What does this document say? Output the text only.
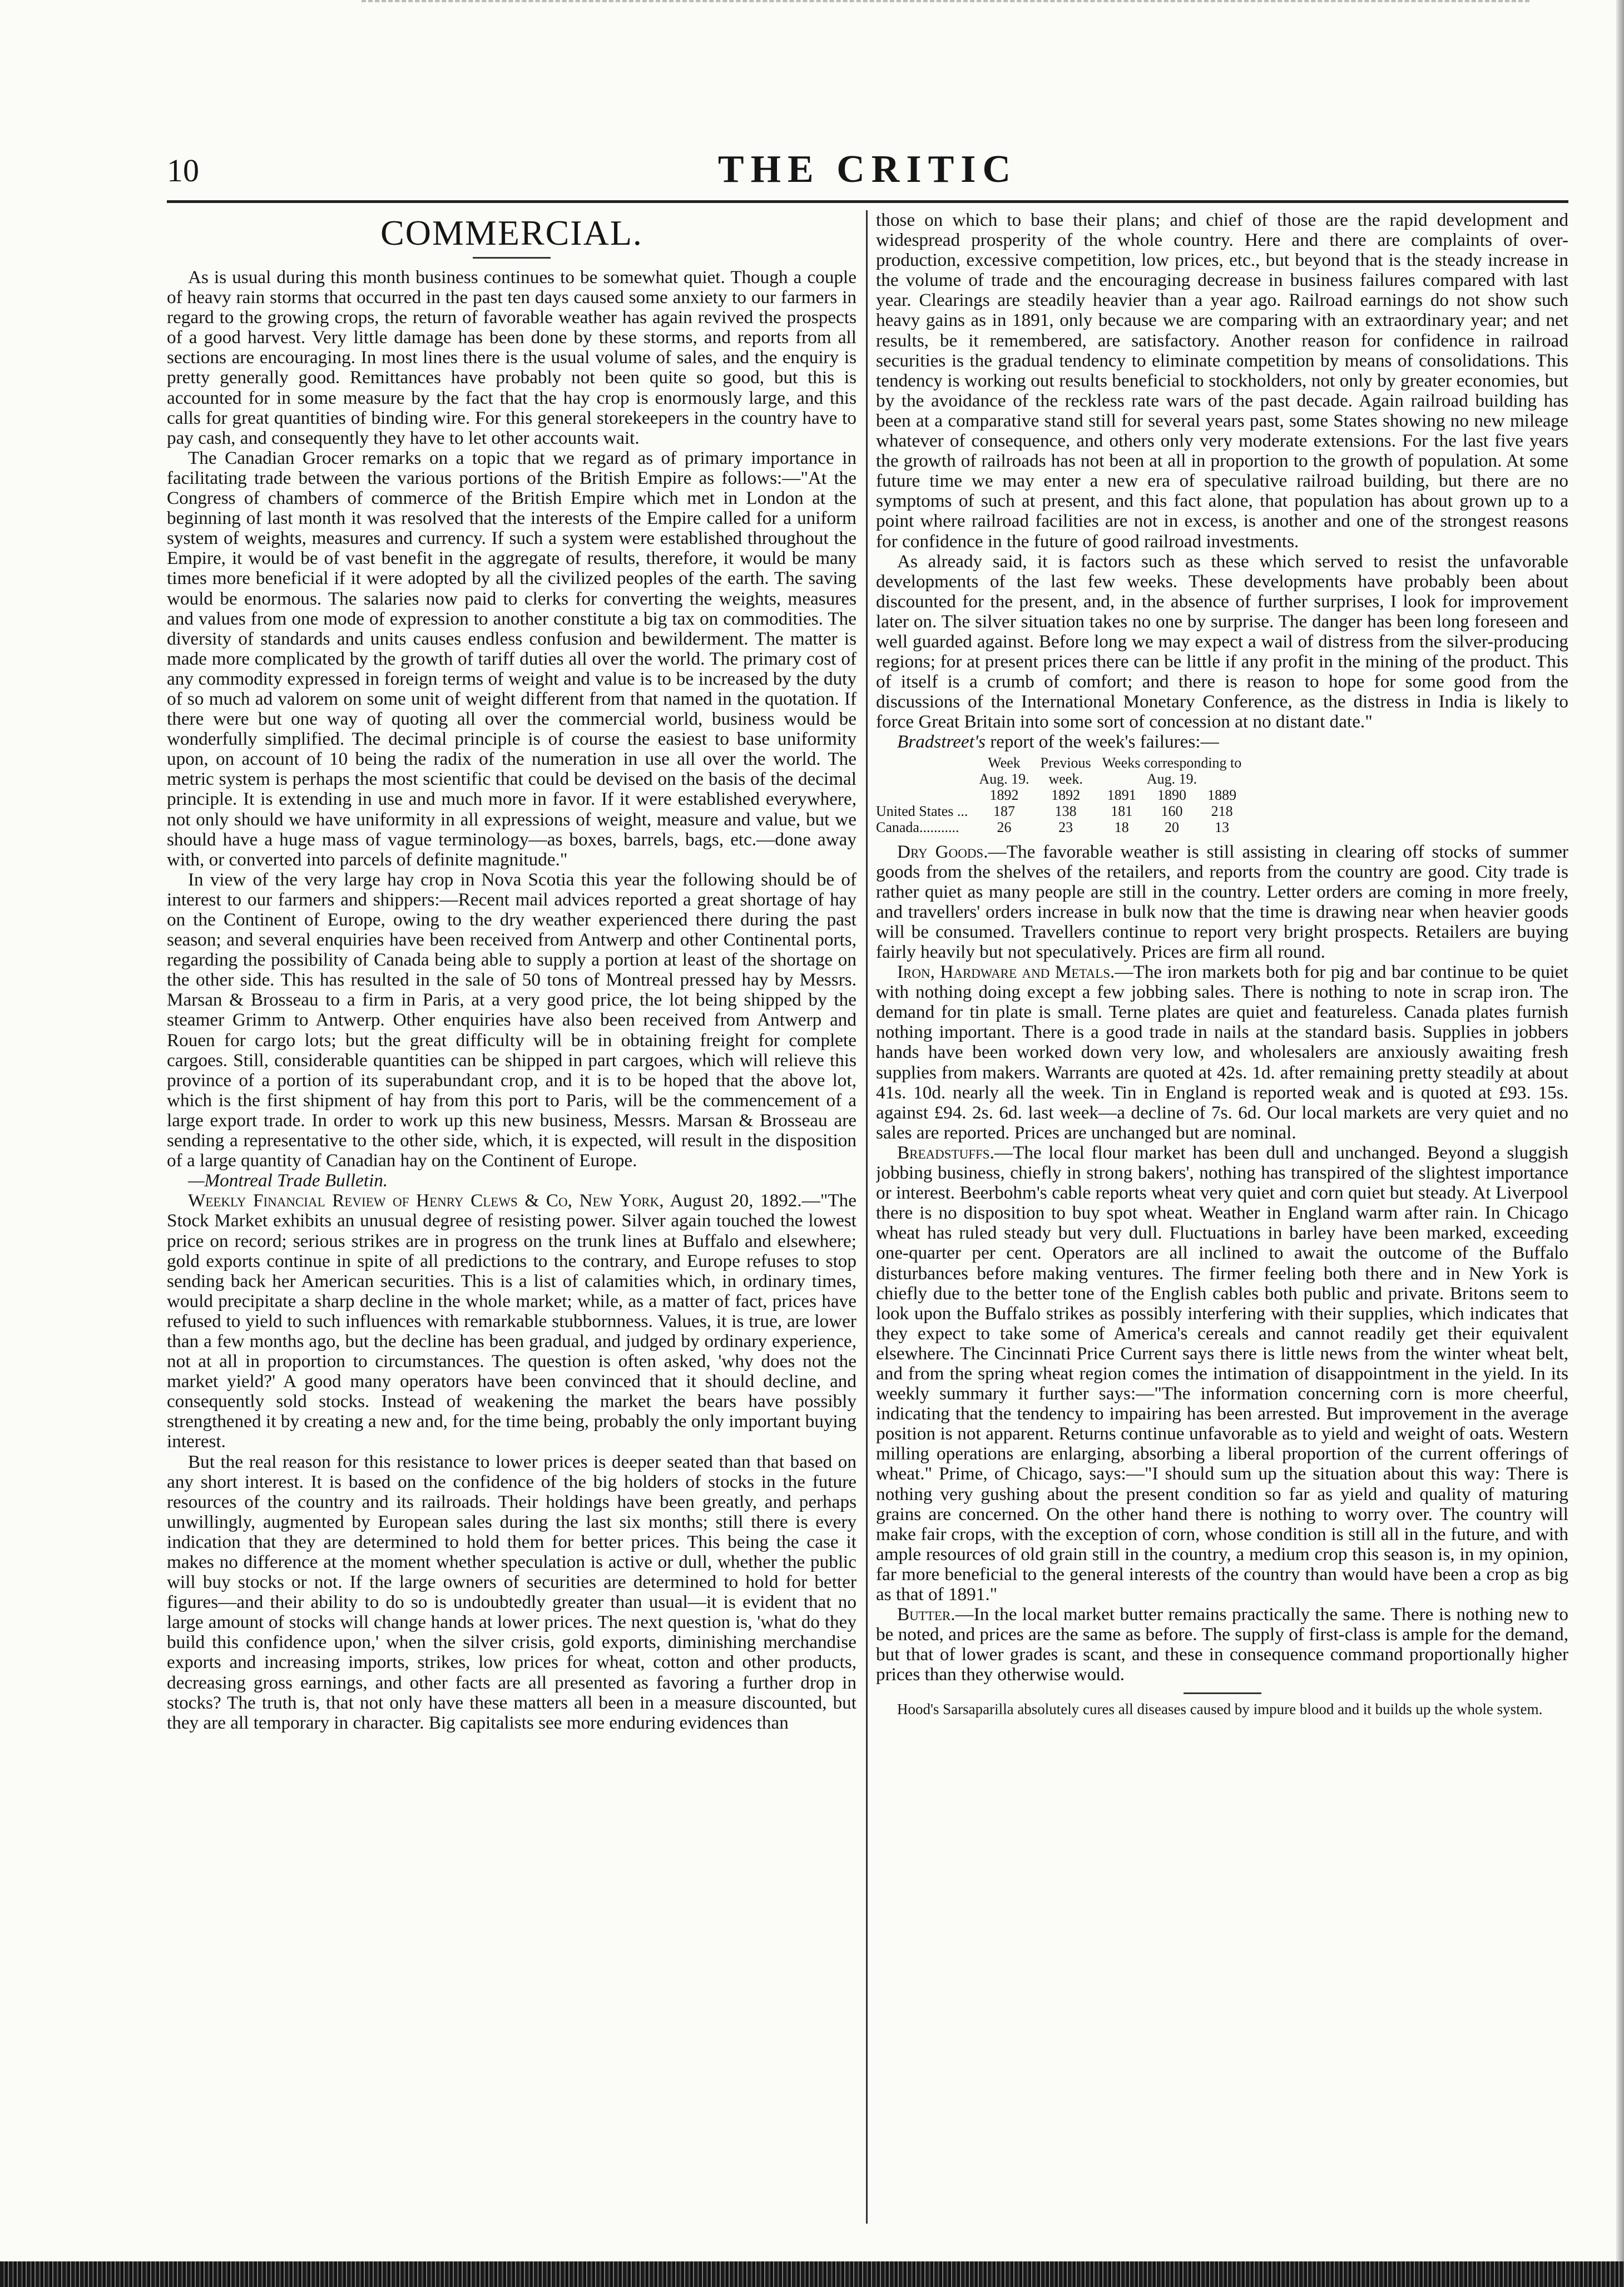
10	THE CRITIC
COMMERCIAL.

As is usual during this month business continues to be somewhat quiet. Though a couple of heavy rain storms that occurred in the past ten days caused some anxiety to our farmers in regard to the growing crops, the return of favorable weather has again revived the prospects of a good harvest. Very little damage has been done by these storms, and reports from all sections are encouraging. In most lines there is the usual volume of sales, and the enquiry is pretty generally good. Remittances have probably not been quite so good, but this is accounted for in some measure by the fact that the hay crop is enormously large, and this calls for great quantities of binding wire. For this general storekeepers in the country have to pay cash, and consequently they have to let other accounts wait.

The Canadian Grocer remarks on a topic that we regard as of primary importance in facilitating trade between the various portions of the British Empire as follows:—"At the Congress of chambers of commerce of the British Empire which met in London at the beginning of last month it was resolved that the interests of the Empire called for a uniform system of weights, measures and currency. If such a system were established throughout the Empire, it would be of vast benefit in the aggregate of results, therefore, it would be many times more beneficial if it were adopted by all the civilized peoples of the earth. The saving would be enormous. The salaries now paid to clerks for converting the weights, measures and values from one mode of expression to another constitute a big tax on commodities. The diversity of standards and units causes endless confusion and bewilderment. The matter is made more complicated by the growth of tariff duties all over the world. The primary cost of any commodity expressed in foreign terms of weight and value is to be increased by the duty of so much ad valorem on some unit of weight different from that named in the quotation. If there were but one way of quoting all over the commercial world, business would be wonderfully simplified. The decimal principle is of course the easiest to base uniformity upon, on account of 10 being the radix of the numeration in use all over the world. The metric system is perhaps the most scientific that could be devised on the basis of the decimal principle. It is extending in use and much more in favor. If it were established everywhere, not only should we have uniformity in all expressions of weight, measure and value, but we should have a huge mass of vague terminology—as boxes, barrels, bags, etc.—done away with, or converted into parcels of definite magnitude."

In view of the very large hay crop in Nova Scotia this year the following should be of interest to our farmers and shippers:—Recent mail advices reported a great shortage of hay on the Continent of Europe, owing to the dry weather experienced there during the past season; and several enquiries have been received from Antwerp and other Continental ports, regarding the possibility of Canada being able to supply a portion at least of the shortage on the other side. This has resulted in the sale of 50 tons of Montreal pressed hay by Messrs. Marsan & Brosseau to a firm in Paris, at a very good price, the lot being shipped by the steamer Grimm to Antwerp. Other enquiries have also been received from Antwerp and Rouen for cargo lots; but the great difficulty will be in obtaining freight for complete cargoes. Still, considerable quantities can be shipped in part cargoes, which will relieve this province of a portion of its superabundant crop, and it is to be hoped that the above lot, which is the first shipment of hay from this port to Paris, will be the commencement of a large export trade. In order to work up this new business, Messrs. Marsan & Brosseau are sending a representative to the other side, which, it is expected, will result in the disposition of a large quantity of Canadian hay on the Continent of Europe.

—Montreal Trade Bulletin.

Weekly Financial Review of Henry Clews & Co, New York, August 20, 1892.—"The Stock Market exhibits an unusual degree of resisting power. Silver again touched the lowest price on record; serious strikes are in progress on the trunk lines at Buffalo and elsewhere; gold exports continue in spite of all predictions to the contrary, and Europe refuses to stop sending back her American securities. This is a list of calamities which, in ordinary times, would precipitate a sharp decline in the whole market; while, as a matter of fact, prices have refused to yield to such influences with remarkable stubbornness. Values, it is true, are lower than a few months ago, but the decline has been gradual, and judged by ordinary experience, not at all in proportion to circumstances. The question is often asked, 'why does not the market yield?' A good many operators have been convinced that it should decline, and consequently sold stocks. Instead of weakening the market the bears have possibly strengthened it by creating a new and, for the time being, probably the only important buying interest.

But the real reason for this resistance to lower prices is deeper seated than that based on any short interest. It is based on the confidence of the big holders of stocks in the future resources of the country and its railroads. Their holdings have been greatly, and perhaps unwillingly, augmented by European sales during the last six months; still there is every indication that they are determined to hold them for better prices. This being the case it makes no difference at the moment whether speculation is active or dull, whether the public will buy stocks or not. If the large owners of securities are determined to hold for better figures—and their ability to do so is undoubtedly greater than usual—it is evident that no large amount of stocks will change hands at lower prices. The next question is, 'what do they build this confidence upon,' when the silver crisis, gold exports, diminishing merchandise exports and increasing imports, strikes, low prices for wheat, cotton and other products, decreasing gross earnings, and other facts are all presented as favoring a further drop in stocks? The truth is, that not only have these matters all been in a measure discounted, but they are all temporary in character. Big capitalists see more enduring evidences than

those on which to base their plans; and chief of those are the rapid development and widespread prosperity of the whole country. Here and there are complaints of over-production, excessive competition, low prices, etc., but beyond that is the steady increase in the volume of trade and the encouraging decrease in business failures compared with last year. Clearings are steadily heavier than a year ago. Railroad earnings do not show such heavy gains as in 1891, only because we are comparing with an extraordinary year; and net results, be it remembered, are satisfactory. Another reason for confidence in railroad securities is the gradual tendency to eliminate competition by means of consolidations. This tendency is working out results beneficial to stockholders, not only by greater economies, but by the avoidance of the reckless rate wars of the past decade. Again railroad building has been at a comparative stand still for several years past, some States showing no new mileage whatever of consequence, and others only very moderate extensions. For the last five years the growth of railroads has not been at all in proportion to the growth of population. At some future time we may enter a new era of speculative railroad building, but there are no symptoms of such at present, and this fact alone, that population has about grown up to a point where railroad facilities are not in excess, is another and one of the strongest reasons for confidence in the future of good railroad investments.

As already said, it is factors such as these which served to resist the unfavorable developments of the last few weeks. These developments have probably been about discounted for the present, and, in the absence of further surprises, I look for improvement later on. The silver situation takes no one by surprise. The danger has been long foreseen and well guarded against. Before long we may expect a wail of distress from the silver-producing regions; for at present prices there can be little if any profit in the mining of the product. This of itself is a crumb of comfort; and there is reason to hope for some good from the discussions of the International Monetary Conference, as the distress in India is likely to force Great Britain into some sort of concession at no distant date."

Bradstreet's report of the week's failures:—

	Week	Previous	Weeks corresponding to		
	Aug. 19.	week.	Aug. 19.		
	1892	1892	1891	1890	1889
United States ...	187	138	181	160	218
Canada...........	26	23	18	20	13

Dry Goods.—The favorable weather is still assisting in clearing off stocks of summer goods from the shelves of the retailers, and reports from the country are good. City trade is rather quiet as many people are still in the country. Letter orders are coming in more freely, and travellers' orders increase in bulk now that the time is drawing near when heavier goods will be consumed. Travellers continue to report very bright prospects. Retailers are buying fairly heavily but not speculatively. Prices are firm all round.

Iron, Hardware and Metals.—The iron markets both for pig and bar continue to be quiet with nothing doing except a few jobbing sales. There is nothing to note in scrap iron. The demand for tin plate is small. Terne plates are quiet and featureless. Canada plates furnish nothing important. There is a good trade in nails at the standard basis. Supplies in jobbers hands have been worked down very low, and wholesalers are anxiously awaiting fresh supplies from makers. Warrants are quoted at 42s. 1d. after remaining pretty steadily at about 41s. 10d. nearly all the week. Tin in England is reported weak and is quoted at £93. 15s. against £94. 2s. 6d. last week—a decline of 7s. 6d. Our local markets are very quiet and no sales are reported. Prices are unchanged but are nominal.

Breadstuffs.—The local flour market has been dull and unchanged. Beyond a sluggish jobbing business, chiefly in strong bakers', nothing has transpired of the slightest importance or interest. Beerbohm's cable reports wheat very quiet and corn quiet but steady. At Liverpool there is no disposition to buy spot wheat. Weather in England warm after rain. In Chicago wheat has ruled steady but very dull. Fluctuations in barley have been marked, exceeding one-quarter per cent. Operators are all inclined to await the outcome of the Buffalo disturbances before making ventures. The firmer feeling both there and in New York is chiefly due to the better tone of the English cables both public and private. Britons seem to look upon the Buffalo strikes as possibly interfering with their supplies, which indicates that they expect to take some of America's cereals and cannot readily get their equivalent elsewhere. The Cincinnati Price Current says there is little news from the winter wheat belt, and from the spring wheat region comes the intimation of disappointment in the yield. In its weekly summary it further says:—"The information concerning corn is more cheerful, indicating that the tendency to impairing has been arrested. But improvement in the average position is not apparent. Returns continue unfavorable as to yield and weight of oats. Western milling operations are enlarging, absorbing a liberal proportion of the current offerings of wheat." Prime, of Chicago, says:—"I should sum up the situation about this way: There is nothing very gushing about the present condition so far as yield and quality of maturing grains are concerned. On the other hand there is nothing to worry over. The country will make fair crops, with the exception of corn, whose condition is still all in the future, and with ample resources of old grain still in the country, a medium crop this season is, in my opinion, far more beneficial to the general interests of the country than would have been a crop as big as that of 1891."

Butter.—In the local market butter remains practically the same. There is nothing new to be noted, and prices are the same as before. The supply of first-class is ample for the demand, but that of lower grades is scant, and these in consequence command proportionally higher prices than they otherwise would.

Hood's Sarsaparilla absolutely cures all diseases caused by impure blood and it builds up the whole system.
